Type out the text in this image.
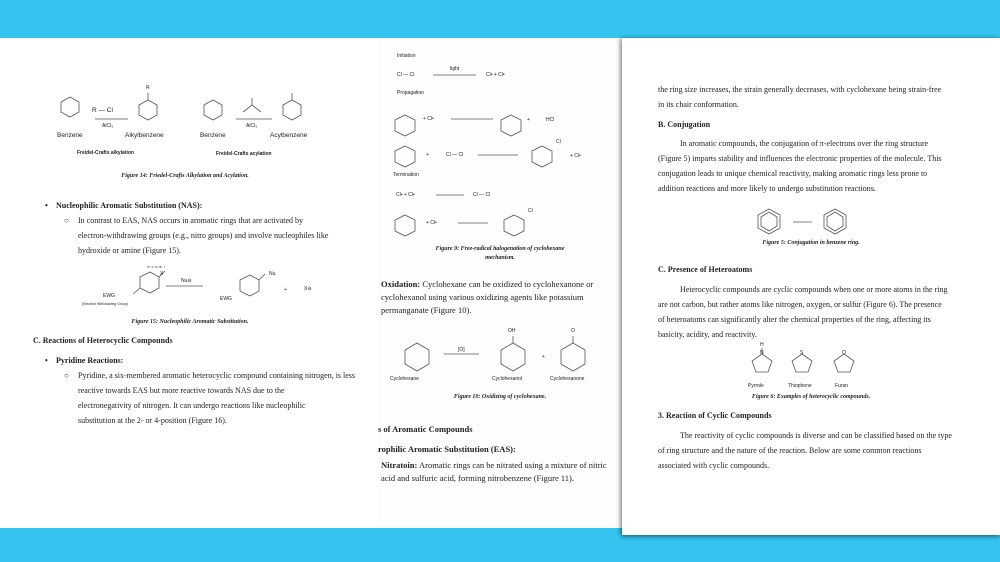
Benzene
R — Cl
AlCl₃
R
Alkylbenzene	Benzene
AlCl₃
Acylbenzene
Freidel-Crafts alkylation	Freidel-Crafts acylation
Figure 14: Friedel-Crafts Alkylation and Acylation.
• Nucleophilic Aromatic Substitution (NAS):
○ In contrast to EAS, NAS occurs in aromatic rings that are activated by
electron-withdrawing groups (e.g., nitro groups) and involve nucleophiles like
hydroxide or amine (Figure 15).
X= F, Cl, Br, I
X
EWG
(Electron Withdrawing Group)
Nu⊖
EWG
Nu
+	X⊖
Figure 15: Nucleophilic Aromatic Substitution.
C. Reactions of Heterocyclic Compounds
• Pyridine Reactions:
○ Pyridine, a six-membered aromatic heterocyclic compound containing nitrogen, is less
reactive towards EAS but more reactive towards NAS due to the
electronegativity of nitrogen. It can undergo reactions like nucleophilic
substitution at the 2- or 4-position (Figure 16).
Initiation
Cl — Cl
light
Cl• + Cl•
Propagation
+ Cl•	+	HCl
+	Cl — Cl
Cl
+ Cl•
Termination
Cl• + Cl•	Cl — Cl
+ Cl•
Cl
Figure 9: Free-radical halogenation of cyclohexane
mechanism.
Oxidation: Cyclohexane can be oxidized to cyclohexanone or cyclohexanol using various oxidizing agents like potassium permanganate (Figure 10).
[O]
OH	O
+
Cyclohexane	Cyclohexanol	Cyclohexanone
Figure 10: Oxidizing of cyclohexane.
s of Aromatic Compounds
rophilic Aromatic Substitution (EAS):
Nitratoin: Aromatic rings can be nitrated using a mixture of nitric acid and sulfuric acid, forming nitrobenzene (Figure 11).
the ring size increases, the strain generally decreases, with cyclohexane being strain-free
in its chair conformation.
B. Conjugation
In aromatic compounds, the conjugation of π-electrons over the ring structure
(Figure 5) imparts stability and influences the electronic properties of the molecule. This
conjugation leads to unique chemical reactivity, making aromatic rings less prone to
addition reactions and more likely to undergo substitution reactions.
Figure 5: Conjugation in benzene ring.
C. Presence of Heteroatoms
Heterocyclic compounds are cyclic compounds when one or more atoms in the ring
are not carbon, but rather atoms like nitrogen, oxygen, or sulfur (Figure 6). The presence
of heteroatoms can significantly alter the chemical properties of the ring, affecting its
basicity, acidity, and reactivity.
H
N	S	O
Pyrrole	Thiophene	Furan
Figure 6: Examples of heterocyclic compounds.
3. Reaction of Cyclic Compounds
The reactivity of cyclic compounds is diverse and can be classified based on the type
of ring structure and the nature of the reaction. Below are some common reactions
associated with cyclic compounds.
